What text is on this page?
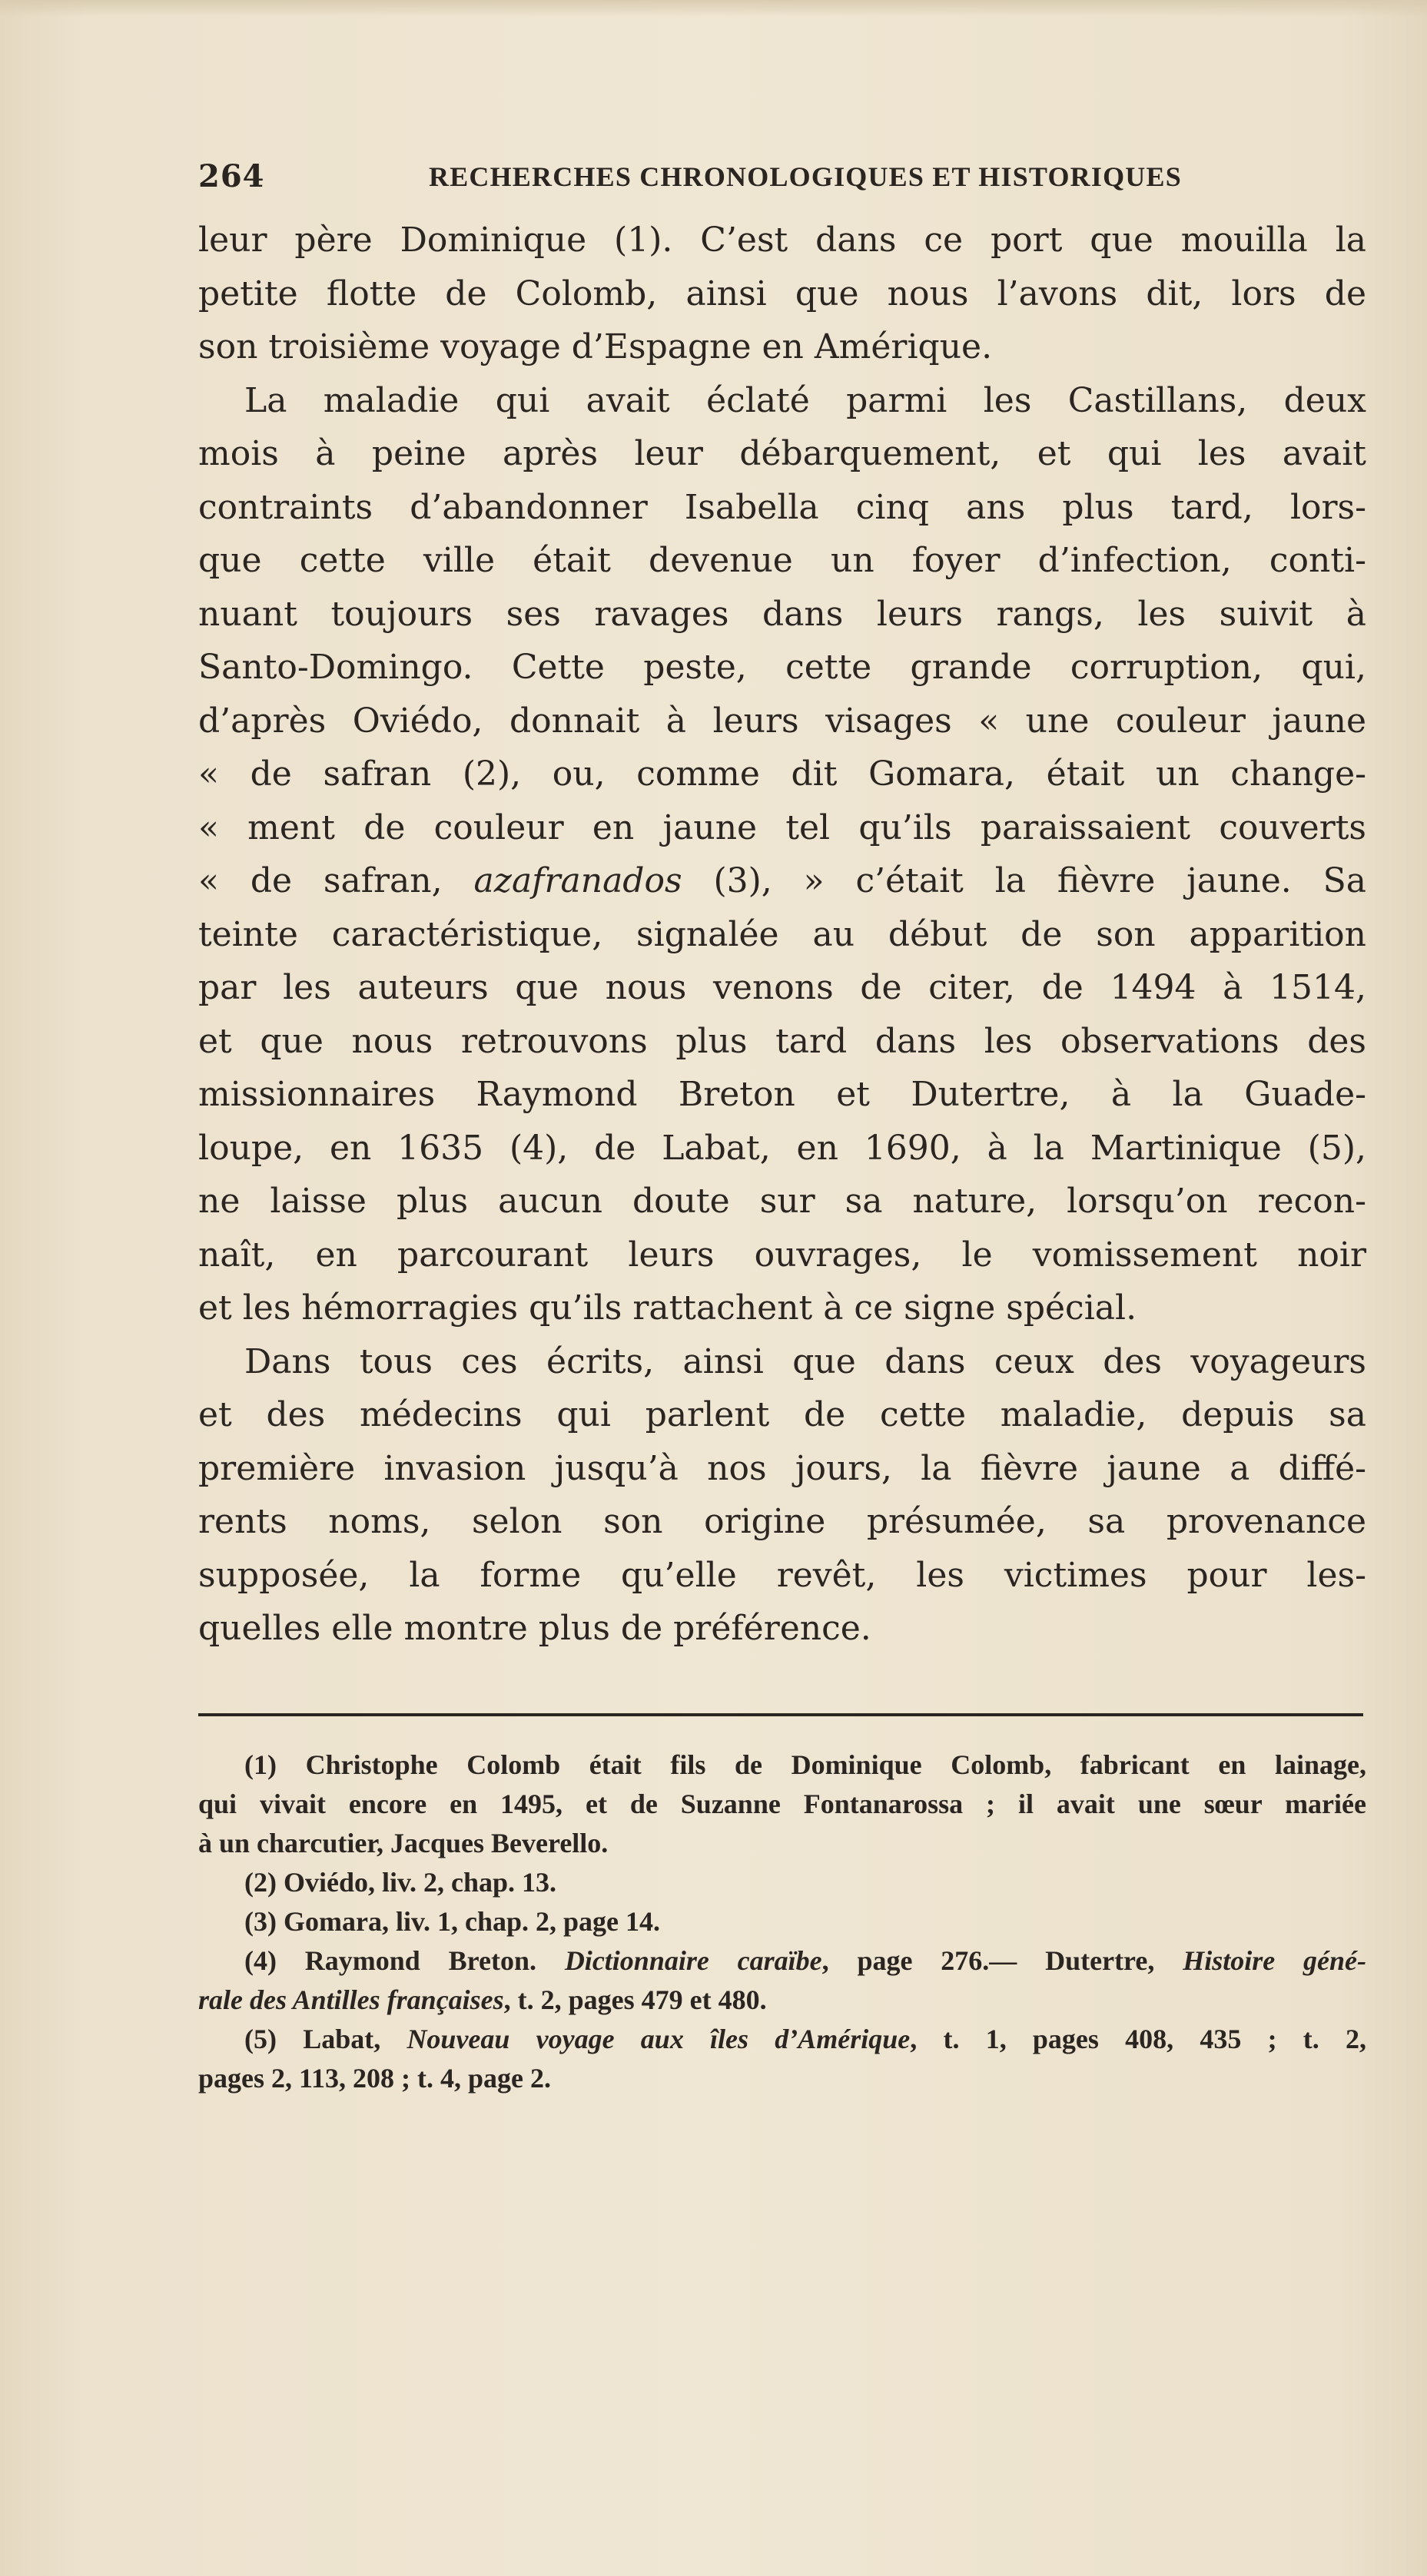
264	RECHERCHES CHRONOLOGIQUES ET HISTORIQUES

leur père Dominique (1). C’est dans ce port que mouilla la
petite flotte de Colomb, ainsi que nous l’avons dit, lors de
son troisième voyage d’Espagne en Amérique.

La maladie qui avait éclaté parmi les Castillans, deux
mois à peine après leur débarquement, et qui les avait
contraints d’abandonner Isabella cinq ans plus tard, lors-
que cette ville était devenue un foyer d’infection, conti-
nuant toujours ses ravages dans leurs rangs, les suivit à
Santo-Domingo. Cette peste, cette grande corruption, qui,
d’après Oviédo, donnait à leurs visages « une couleur jaune
« de safran (2), ou, comme dit Gomara, était un change-
« ment de couleur en jaune tel qu’ils paraissaient couverts
« de safran, azafranados (3), » c’était la fièvre jaune. Sa
teinte caractéristique, signalée au début de son apparition
par les auteurs que nous venons de citer, de 1494 à 1514,
et que nous retrouvons plus tard dans les observations des
missionnaires Raymond Breton et Dutertre, à la Guade-
loupe, en 1635 (4), de Labat, en 1690, à la Martinique (5),
ne laisse plus aucun doute sur sa nature, lorsqu’on recon-
naît, en parcourant leurs ouvrages, le vomissement noir
et les hémorragies qu’ils rattachent à ce signe spécial.

Dans tous ces écrits, ainsi que dans ceux des voyageurs
et des médecins qui parlent de cette maladie, depuis sa
première invasion jusqu’à nos jours, la fièvre jaune a diffé-
rents noms, selon son origine présumée, sa provenance
supposée, la forme qu’elle revêt, les victimes pour les-
quelles elle montre plus de préférence.

(1) Christophe Colomb était fils de Dominique Colomb, fabricant en lainage,
qui vivait encore en 1495, et de Suzanne Fontanarossa ; il avait une sœur mariée
à un charcutier, Jacques Beverello.

(2) Oviédo, liv. 2, chap. 13.

(3) Gomara, liv. 1, chap. 2, page 14.

(4) Raymond Breton. Dictionnaire caraïbe, page 276.— Dutertre, Histoire géné-
rale des Antilles françaises, t. 2, pages 479 et 480.

(5) Labat, Nouveau voyage aux îles d’Amérique, t. 1, pages 408, 435 ; t. 2,
pages 2, 113, 208 ; t. 4, page 2.
